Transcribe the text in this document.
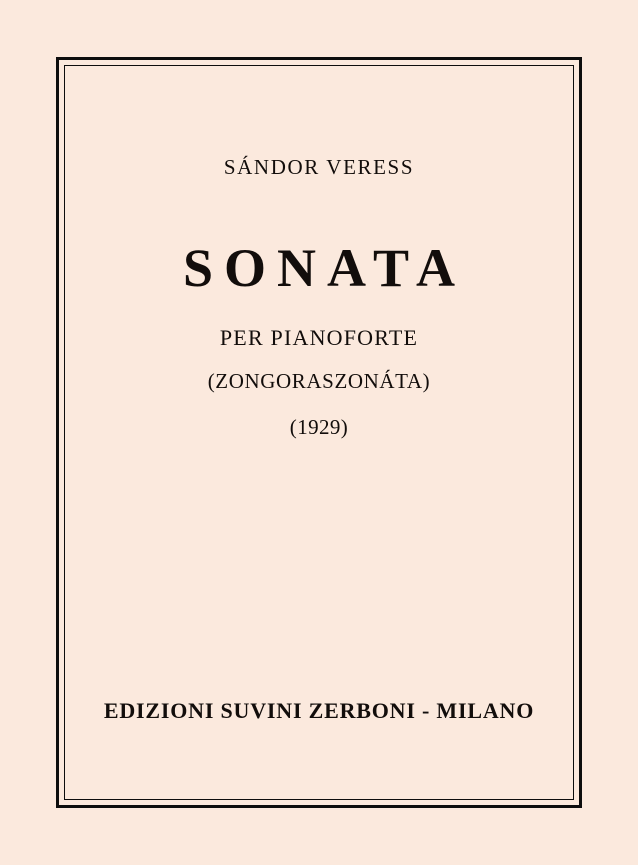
SÁNDOR VERESS
SONATA
PER PIANOFORTE
(ZONGORASZONÁTA)
(1929)
EDIZIONI SUVINI ZERBONI - MILANO
